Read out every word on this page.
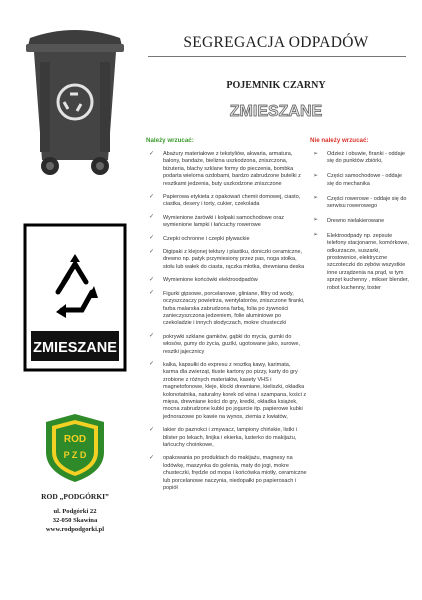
ZMIESZANE
ROD
P Z D
ROD „PODGÓRKI”
ul. Podgórki 22
32-050 Skawina
www.rodpodgorki.pl
SEGREGACJA ODPADÓW
POJEMNIK CZARNY
ZMIESZANE
Należy wrzucać:	Nie należy wrzucać:
✓ Abażury materiałowe z tekstyliów, akwaria, armatura, balony, bandaże, bielizna uszkodzona, zniszczona, biżuteria, blachy szklane formy do pieczenia, bombka podarta wielorna ozdobami, bardzo zabrudzone butelki z resztkami jedzenia, buty uszkodzone zniszczone
✓ Papierowa etykieta z opakowań chemii domowej, ciasto, ciastka, desery i torty, cukier, czekolada
✓ Wymienione żarówki i kołpaki samochodowe oraz wymienione lampki i łańcuchy rowerowe
✓ Czepki ochronne i czepki pływackie
✓ Digipaki z klejonej tektury i plastiku, doniczki ceramiczne, drewno np. patyk przymiesiony przez pas, noga stołka, stołu lub wałek do ciasta, rączka młotka, drewniana deska
✓ Wymienione końcówki elektroodpadów
✓ Figurki gipsowe, porcelanowe, gliniane, filtry od wody, oczyszczaczy powietrza, wentylatorów, zniszczone firanki, farba malarska zabrudzona farbą, folia po żywności zanieczyszczona jedzeniem, folie aluminiowe po czekoladzie i innych słodyczach, mokre chusteczki
✓ pokrywki szklane gamków, gąbki do mycia, gumki do włosów, gumy do życia, guziki, ugotowane jako, surowe, resztki jajecznicy
✓ kalka, kapsułki do expresu z resztką kawy, karimata, karma dla zwierząt, tłuste kartony po pizzy, karty do gry zrobione z różnych materiałów, kasety VHS i magnetofonowe, kleje, klocki drewniane, kieliszki, okładka kolonotatnika, naturalny korek od wina i szampana, kości z mięsa, drewniane kości do gry, kredki, okładka książek, mocna zabrudzone kubki po jogurcie itp. papierowe kubki jednorazowe po kawie na wynos, ziemia z kwiatów,
✓ lakier do paznokci i zmywacz, lampiony chińskie, listki i blister po lekach, linijka i ekierka, lusterko do makijażu, łańcuchy choinkowe,
✓ opakowania po produktach do makijażu, magnesy na lodówkę, maszynka do golenia, maty do jogi, mokre chusteczki, frędzle od mopa i końcówka miotły, ceramiczne lub porcelanowe naczynia, niedopałki po papierosach i popiół
➢ Odzież i obuwie, firanki - oddaje się do punktów zbiórki,
➢ Części samochodowe - oddaje się do mechanika
➢ Części rowerowe - oddaje się do serwisu rowerowego
➢ Drewno nielakierowane
➢ Elektroodpady np. zepsute telefony stacjonarne, komórkowe, odkurzacze, suszarki, prostownice, elektryczne szczoteczki do zębów wszystkie inne urządzenia na prąd, w tym sprzęt kuchenny , mikser blender, robot kuchenny, toster
